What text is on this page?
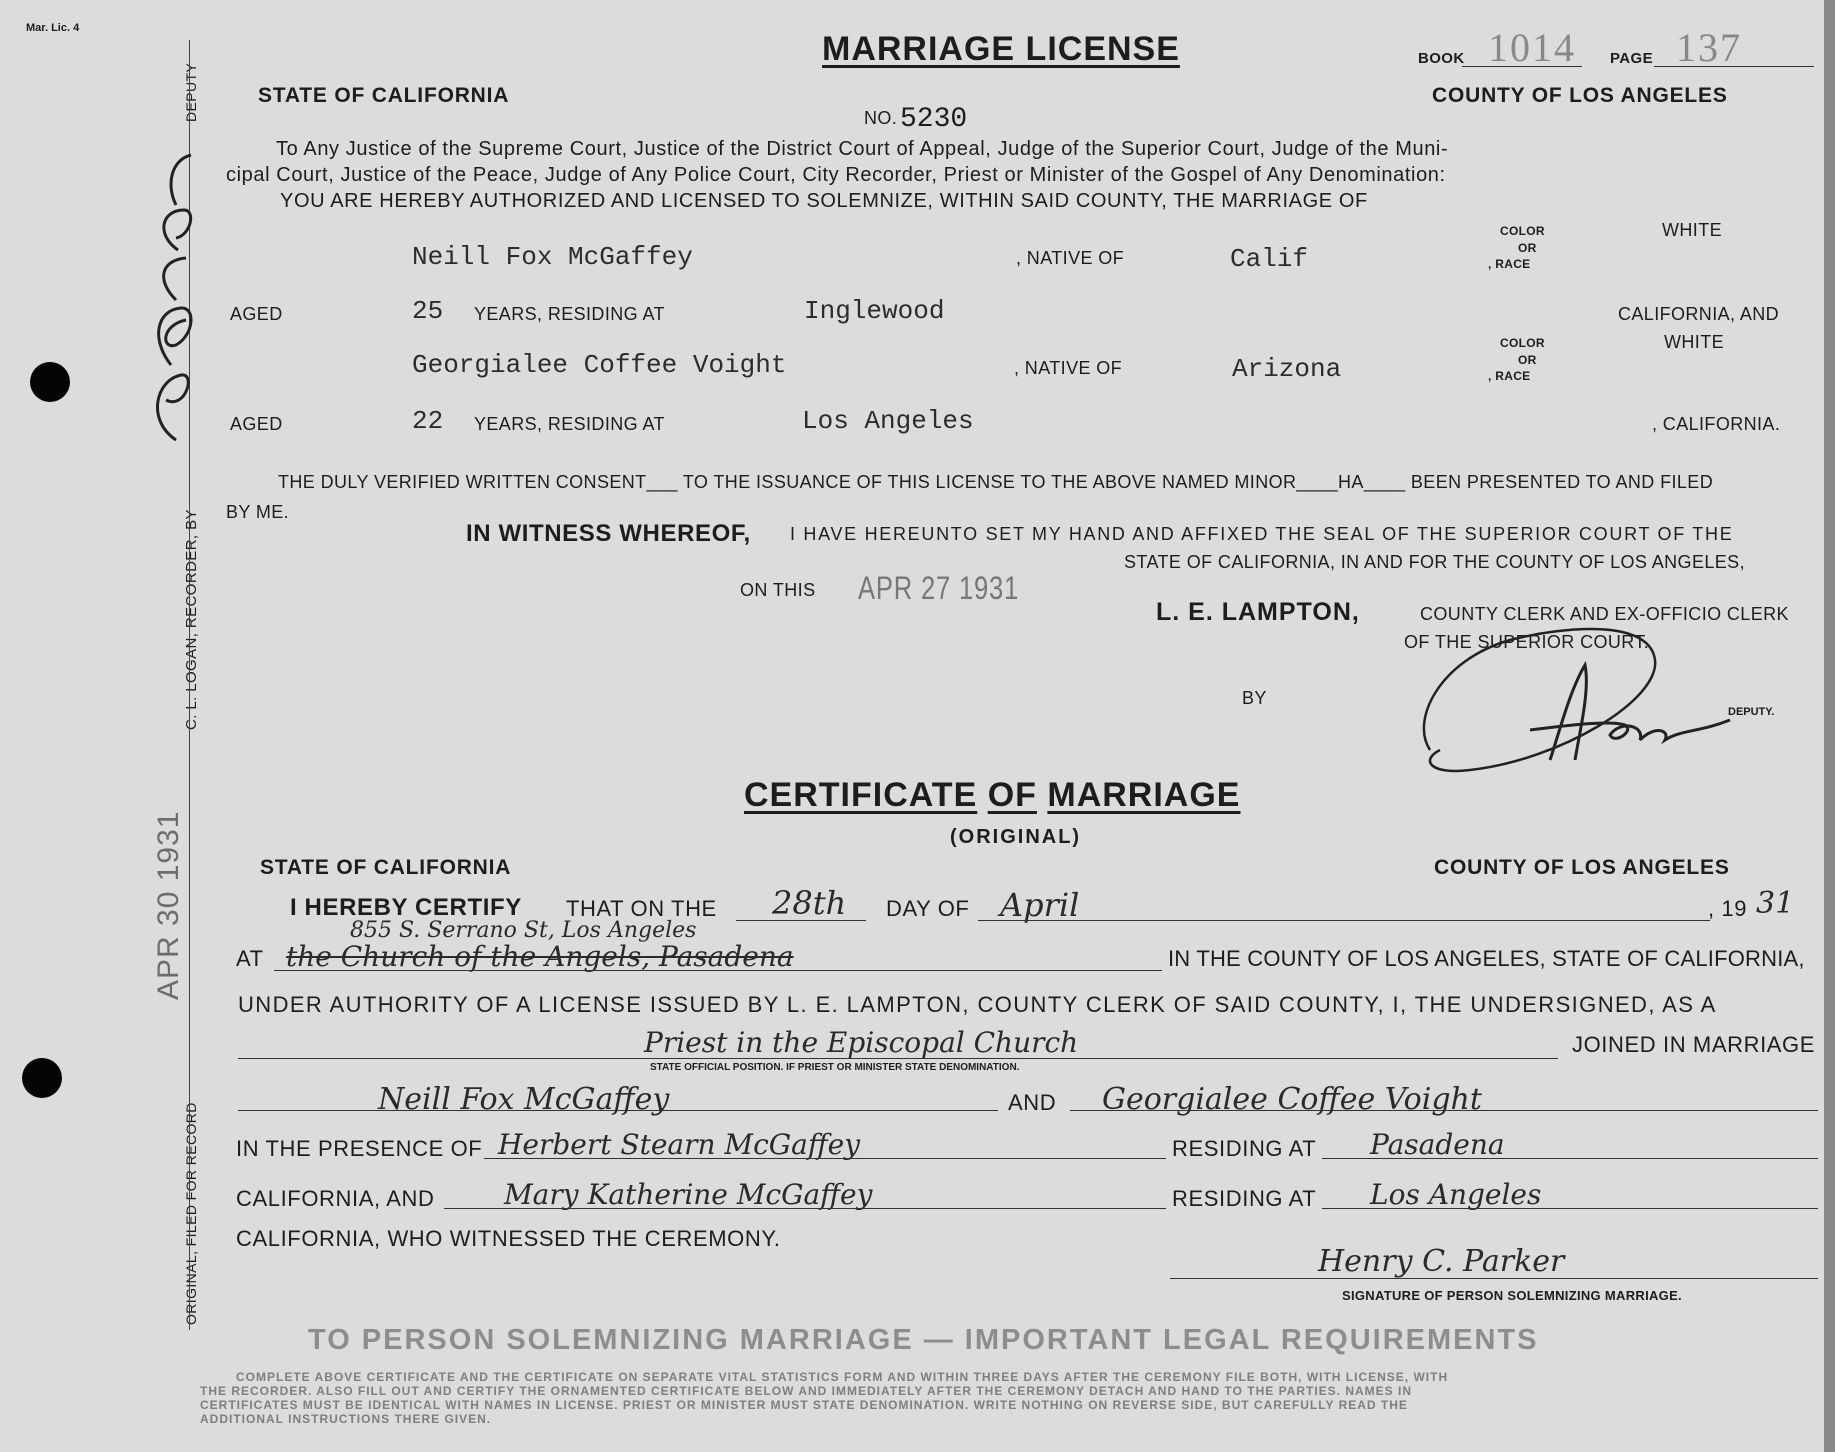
Mar. Lic. 4
DEPUTY
C. L. LOGAN, RECORDER, BY
ORIGINAL, FILED FOR RECORD
APR 30 1931
MARRIAGE LICENSE	BOOK 1014 PAGE 137
STATE OF CALIFORNIA	COUNTY OF LOS ANGELES
NO. 5230
To Any Justice of the Supreme Court, Justice of the District Court of Appeal, Judge of the Superior Court, Judge of the Muni-
cipal Court, Justice of the Peace, Judge of Any Police Court, City Recorder, Priest or Minister of the Gospel of Any Denomination:
YOU ARE HEREBY AUTHORIZED AND LICENSED TO SOLEMNIZE, WITHIN SAID COUNTY, THE MARRIAGE OF
Neill Fox McGaffey	, NATIVE OF	Calif
COLOR
OR
, RACE
WHITE
AGED	25 YEARS, RESIDING AT	Inglewood	CALIFORNIA, AND
Georgialee Coffee Voight	, NATIVE OF	Arizona
COLOR
OR
, RACE
WHITE
AGED	22 YEARS, RESIDING AT	Los Angeles	, CALIFORNIA.
THE DULY VERIFIED WRITTEN CONSENT___ TO THE ISSUANCE OF THIS LICENSE TO THE ABOVE NAMED MINOR____HA____ BEEN PRESENTED TO AND FILED
BY ME.
IN WITNESS WHEREOF, I HAVE HEREUNTO SET MY HAND AND AFFIXED THE SEAL OF THE SUPERIOR COURT OF THE
STATE OF CALIFORNIA, IN AND FOR THE COUNTY OF LOS ANGELES,
ON THIS APR 27 1931
L. E. LAMPTON,	COUNTY CLERK AND EX-OFFICIO CLERK
OF THE SUPERIOR COURT.
BY
DEPUTY.
CERTIFICATE OF MARRIAGE
(ORIGINAL)
STATE OF CALIFORNIA	COUNTY OF LOS ANGELES
I HEREBY CERTIFY THAT ON THE 28th DAY OF April	, 19 31
855 S. Serrano St, Los Angeles
AT the Church of the Angels, Pasadena	IN THE COUNTY OF LOS ANGELES, STATE OF CALIFORNIA,
UNDER AUTHORITY OF A LICENSE ISSUED BY L. E. LAMPTON, COUNTY CLERK OF SAID COUNTY, I, THE UNDERSIGNED, AS A
Priest in the Episcopal Church	JOINED IN MARRIAGE
STATE OFFICIAL POSITION. IF PRIEST OR MINISTER STATE DENOMINATION.
Neill Fox McGaffey	AND Georgialee Coffee Voight
IN THE PRESENCE OF Herbert Stearn McGaffey	RESIDING AT Pasadena
CALIFORNIA, AND Mary Katherine McGaffey	RESIDING AT Los Angeles
CALIFORNIA, WHO WITNESSED THE CEREMONY.
Henry C. Parker
SIGNATURE OF PERSON SOLEMNIZING MARRIAGE.
TO PERSON SOLEMNIZING MARRIAGE — IMPORTANT LEGAL REQUIREMENTS
COMPLETE ABOVE CERTIFICATE AND THE CERTIFICATE ON SEPARATE VITAL STATISTICS FORM AND WITHIN THREE DAYS AFTER THE CEREMONY FILE BOTH, WITH LICENSE, WITH
THE RECORDER. ALSO FILL OUT AND CERTIFY THE ORNAMENTED CERTIFICATE BELOW AND IMMEDIATELY AFTER THE CEREMONY DETACH AND HAND TO THE PARTIES. NAMES IN
CERTIFICATES MUST BE IDENTICAL WITH NAMES IN LICENSE. PRIEST OR MINISTER MUST STATE DENOMINATION. WRITE NOTHING ON REVERSE SIDE, BUT CAREFULLY READ THE
ADDITIONAL INSTRUCTIONS THERE GIVEN.
